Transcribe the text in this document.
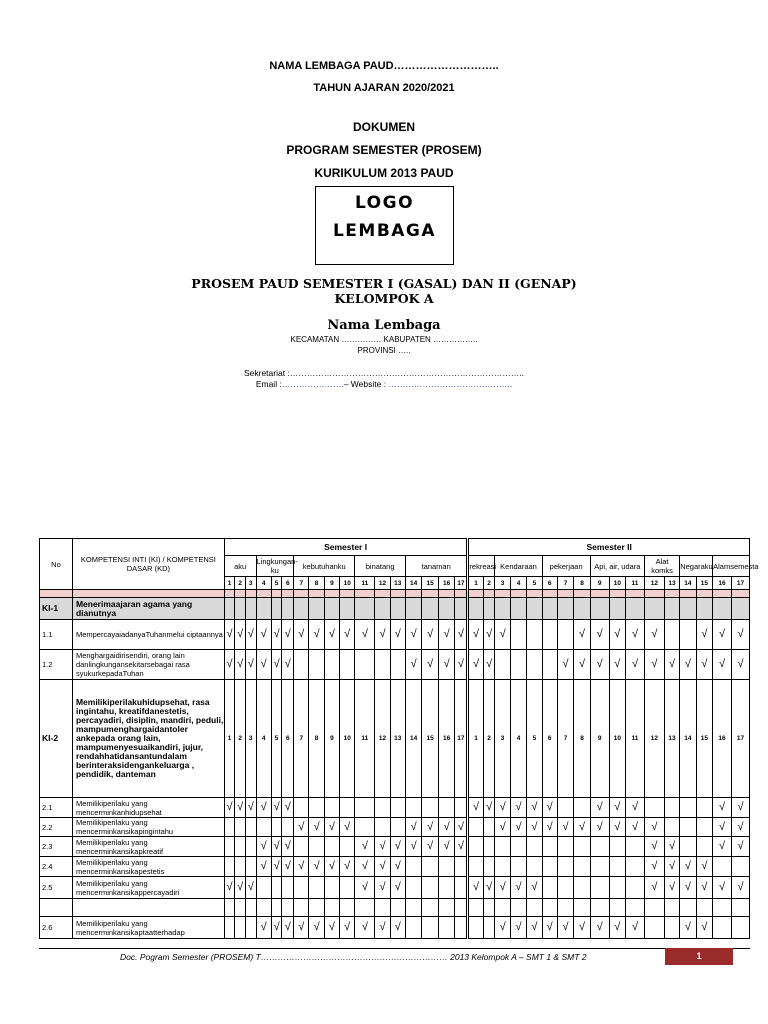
NAMA LEMBAGA PAUD………………………..
TAHUN AJARAN 2020/2021
DOKUMEN
PROGRAM SEMESTER (PROSEM)
KURIKULUM 2013 PAUD
LOGO
LEMBAGA
PROSEM PAUD SEMESTER I (GASAL) DAN II (GENAP)
KELOMPOK A
Nama Lembaga
KECAMATAN …………… KABUPATEN ……………..
PROVINSI …..
Sekretariat :………………………………………………………………………..
Email :………………….– Website : ……………………………………..
No	KOMPETENSI INTI (KI) / KOMPETENSI DASAR (KD)	Semester I																	Semester II																
		aku			Lingkunganku			kebutuhanku				binatang			tanaman				rekreasi		Kendaraan			pekerjaan			Api, air, udara			Alat komks		Negaraku		Alamsemesta	
		1	2	3	4	5	6	7	8	9	10	11	12	13	14	15	16	17	1	2	3	4	5	6	7	8	9	10	11	12	13	14	15	16	17

KI-1	Menerimaajaran agama yang dianutnya																																		
1.1	MempercayaiadanyaTuhanmelui ciptaannya	√	√	√	√	√	√	√	√	√	√	√	√	√	√	√	√	√	√	√	√					√	√	√	√	√			√	√	√
1.2	Menghargaidirisendiri, orang lain danlingkungansekitarsebagai rasa syukurkepadaTuhan	√	√	√	√	√	√								√	√	√	√	√	√					√	√	√	√	√	√	√	√	√	√	√
KI-2	Memilikiperilakuhidupsehat, rasa ingintahu, kreatifdanestetis, percayadiri, disiplin, mandiri, peduli, mampumenghargaidantoler ankepada orang lain, mampumenyesuaikandiri, jujur, rendahhatidansantundalam berinteraksidengankeluarga , pendidik, danteman	1	2	3	4	5	6	7	8	9	10	11	12	13	14	15	16	17	1	2	3	4	5	6	7	8	9	10	11	12	13	14	15	16	17
2.1	Memilikiperilaku yang mencerminkanhidupsehat	√	√	√	√	√	√												√	√	√	√	√	√			√	√	√					√	√
2.2	Memilikiperilaku yang mencerminkansikapingintahu							√	√	√	√				√	√	√	√			√	√	√	√	√	√	√	√	√	√				√	√
2.3	Memilikiperilaku yang mencerminkansikapkreatif				√	√	√					√	√	√	√	√	√	√												√	√			√	√
2.4	Memilikiperilaku yang mencerminkansikapestetis				√	√	√	√	√	√	√	√	√	√																√	√	√	√		
2.5	Memilikiperilaku yang mencerminkansikappercayadiri	√	√	√								√	√	√					√	√	√	√	√							√	√	√	√	√	√

2.6	Memilikiperilaku yang mencerminkansikaptaatterhadap				√	√	√	√	√	√	√	√	√	√							√	√	√	√	√	√	√	√	√			√	√		
Doc. Pogram Semester (PROSEM) T………………………………………………………… 2013 Kelompok A – SMT 1 & SMT 2	1
